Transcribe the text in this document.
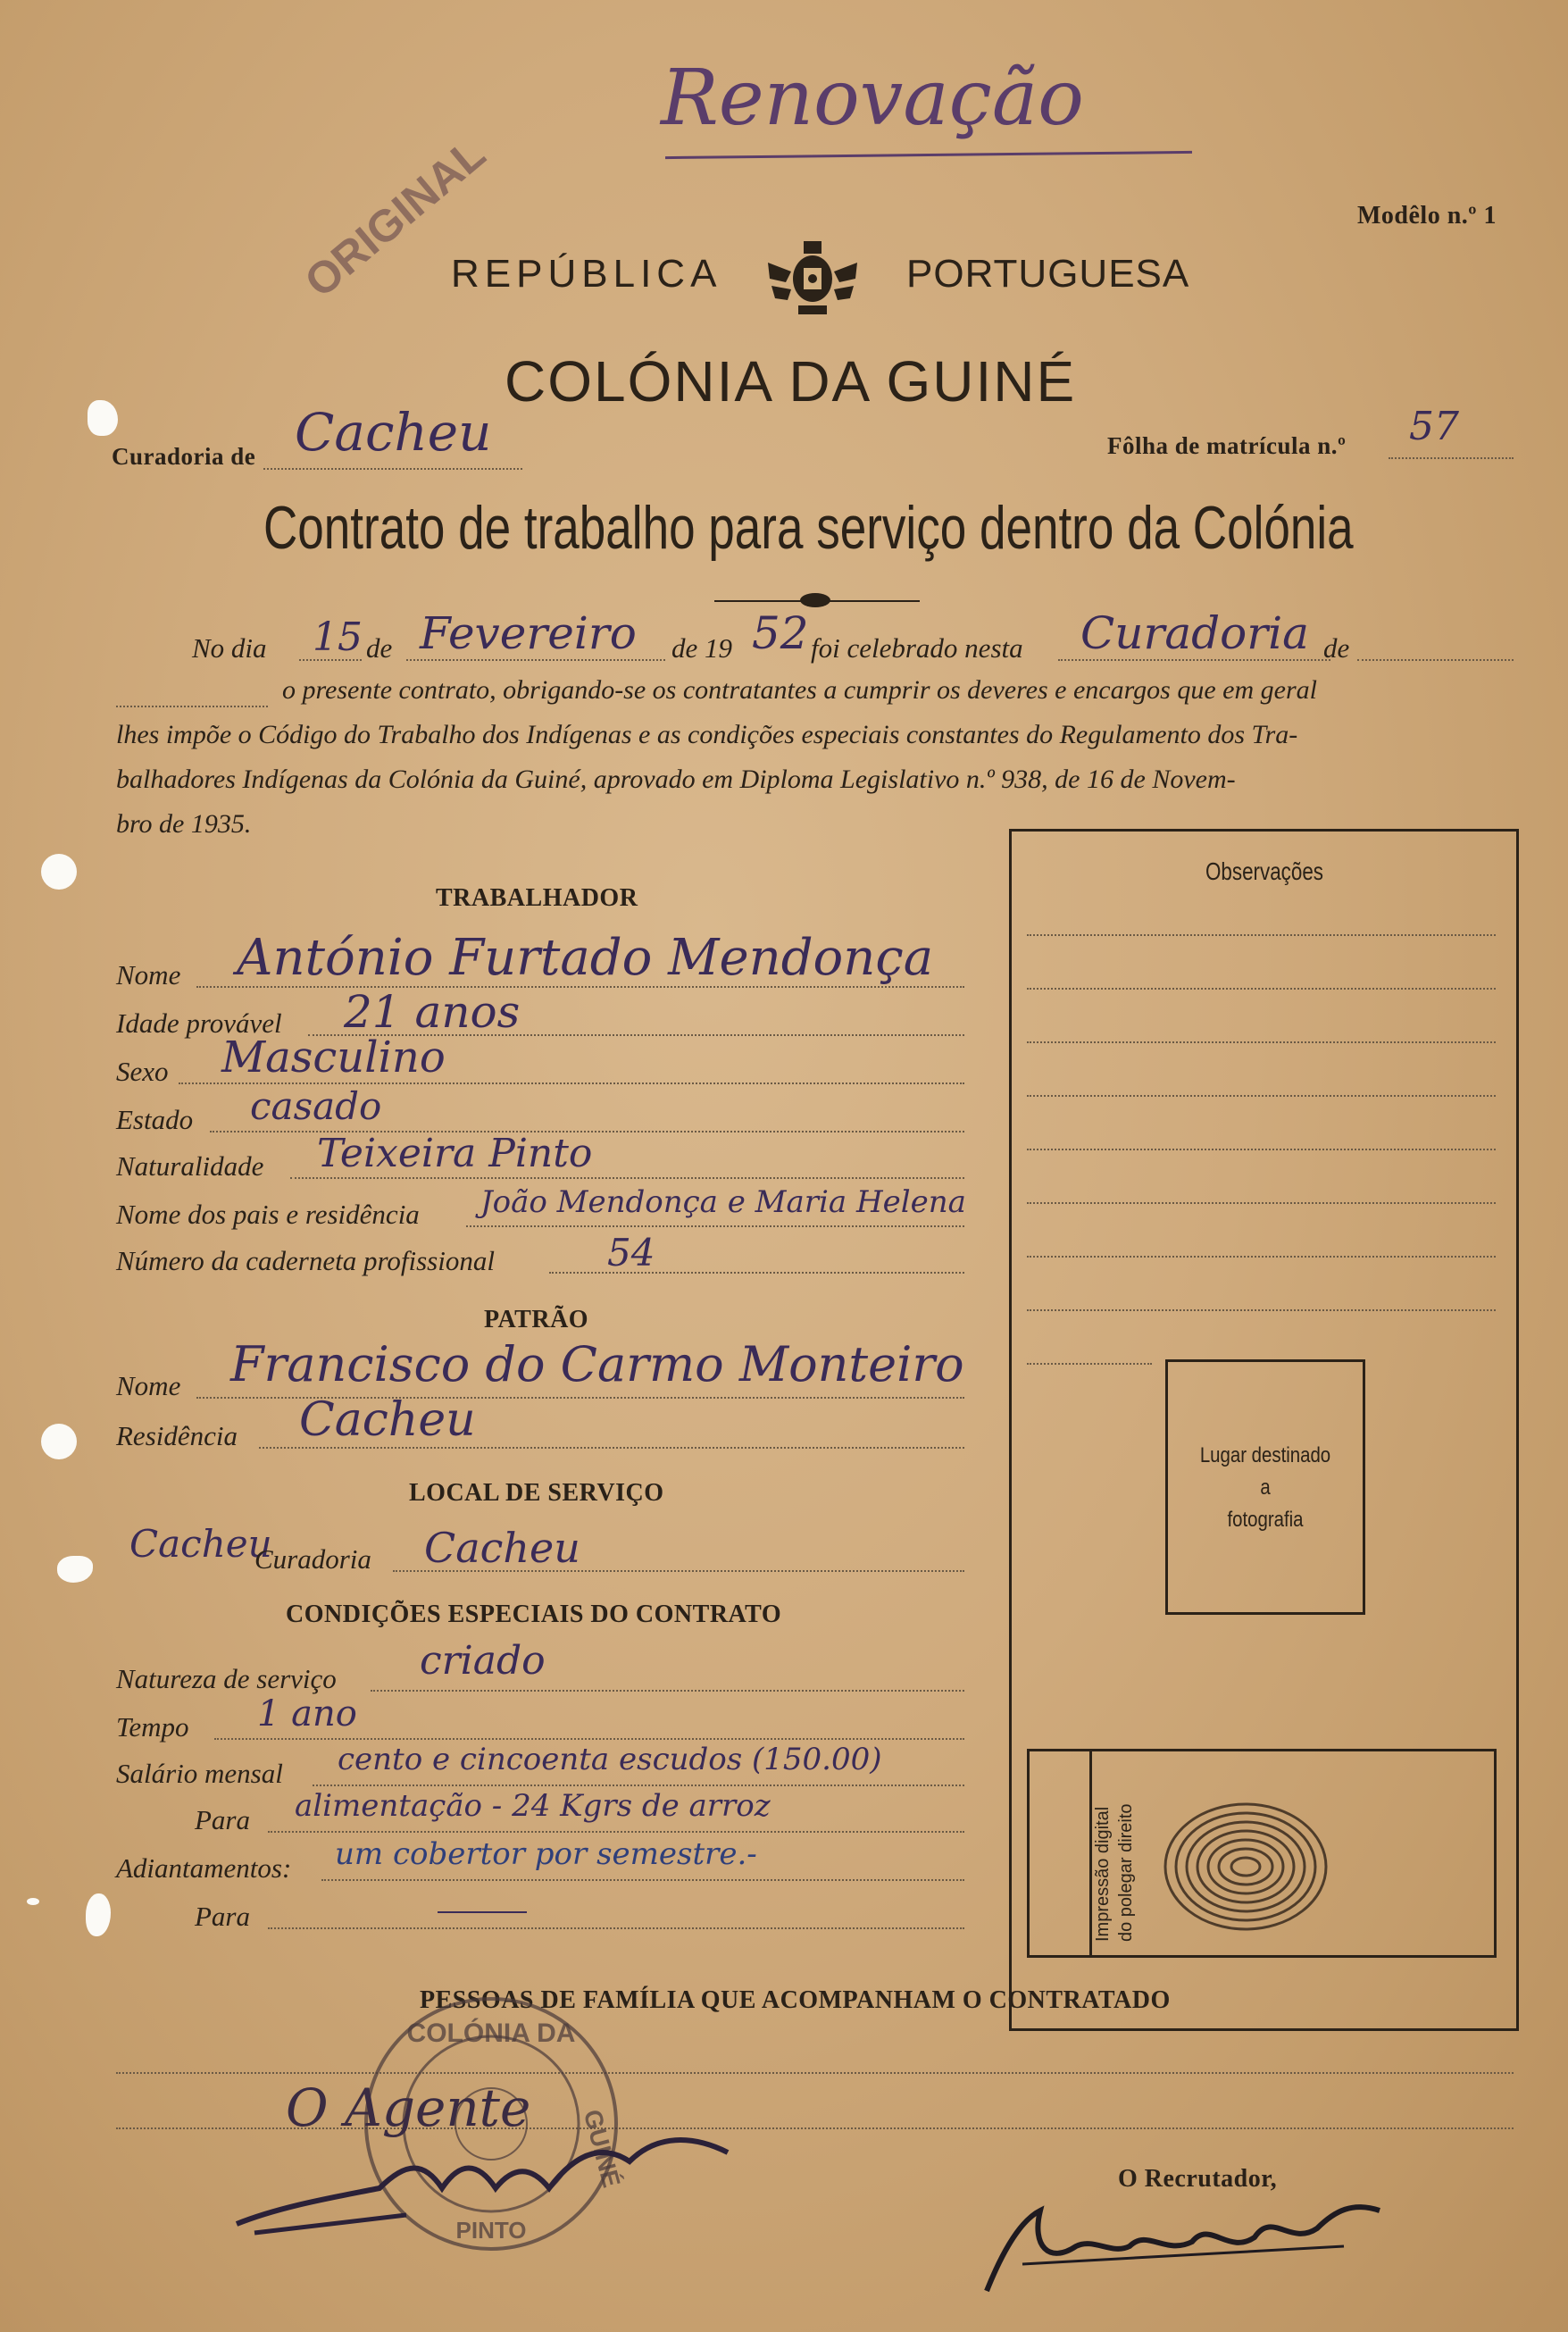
Renovação
ORIGINAL	Modêlo n.º 1
REPÚBLICA	PORTUGUESA
COLÓNIA DA GUINÉ
Curadoria de Cacheu	Fôlha de matrícula n.º 57
Contrato de trabalho para serviço dentro da Colónia
No dia 15 de Fevereiro de 19 52 foi celebrado nesta Curadoria de
o presente contrato, obrigando-se os contratantes a cumprir os deveres e encargos que em geral
lhes impõe o Código do Trabalho dos Indígenas e as condições especiais constantes do Regulamento dos Tra-
balhadores Indígenas da Colónia da Guiné, aprovado em Diploma Legislativo n.º 938, de 16 de Novem-
bro de 1935.
Observações
Lugar destinado
a
fotografia
Impressão digital do polegar direito
TRABALHADOR
Nome António Furtado Mendonça
Idade provável 21 anos
Sexo Masculino
Estado casado
Naturalidade Teixeira Pinto
Nome dos pais e residência João Mendonça e Maria Helena
Número da caderneta profissional	54
PATRÃO
Nome Francisco do Carmo Monteiro
Residência Cacheu
LOCAL DE SERVIÇO
Cacheu
Curadoria Cacheu
CONDIÇÕES ESPECIAIS DO CONTRATO
Natureza de serviço criado
Tempo 1 ano
Salário mensal cento e cincoenta escudos (150.00)
Para alimentação - 24 Kgrs de arroz
Adiantamentos: um cobertor por semestre.-
Para
PESSOAS DE FAMÍLIA QUE ACOMPANHAM O CONTRATADO
COLÓNIA DA
GUINÉ
PINTO
O Agente
O Recrutador,
